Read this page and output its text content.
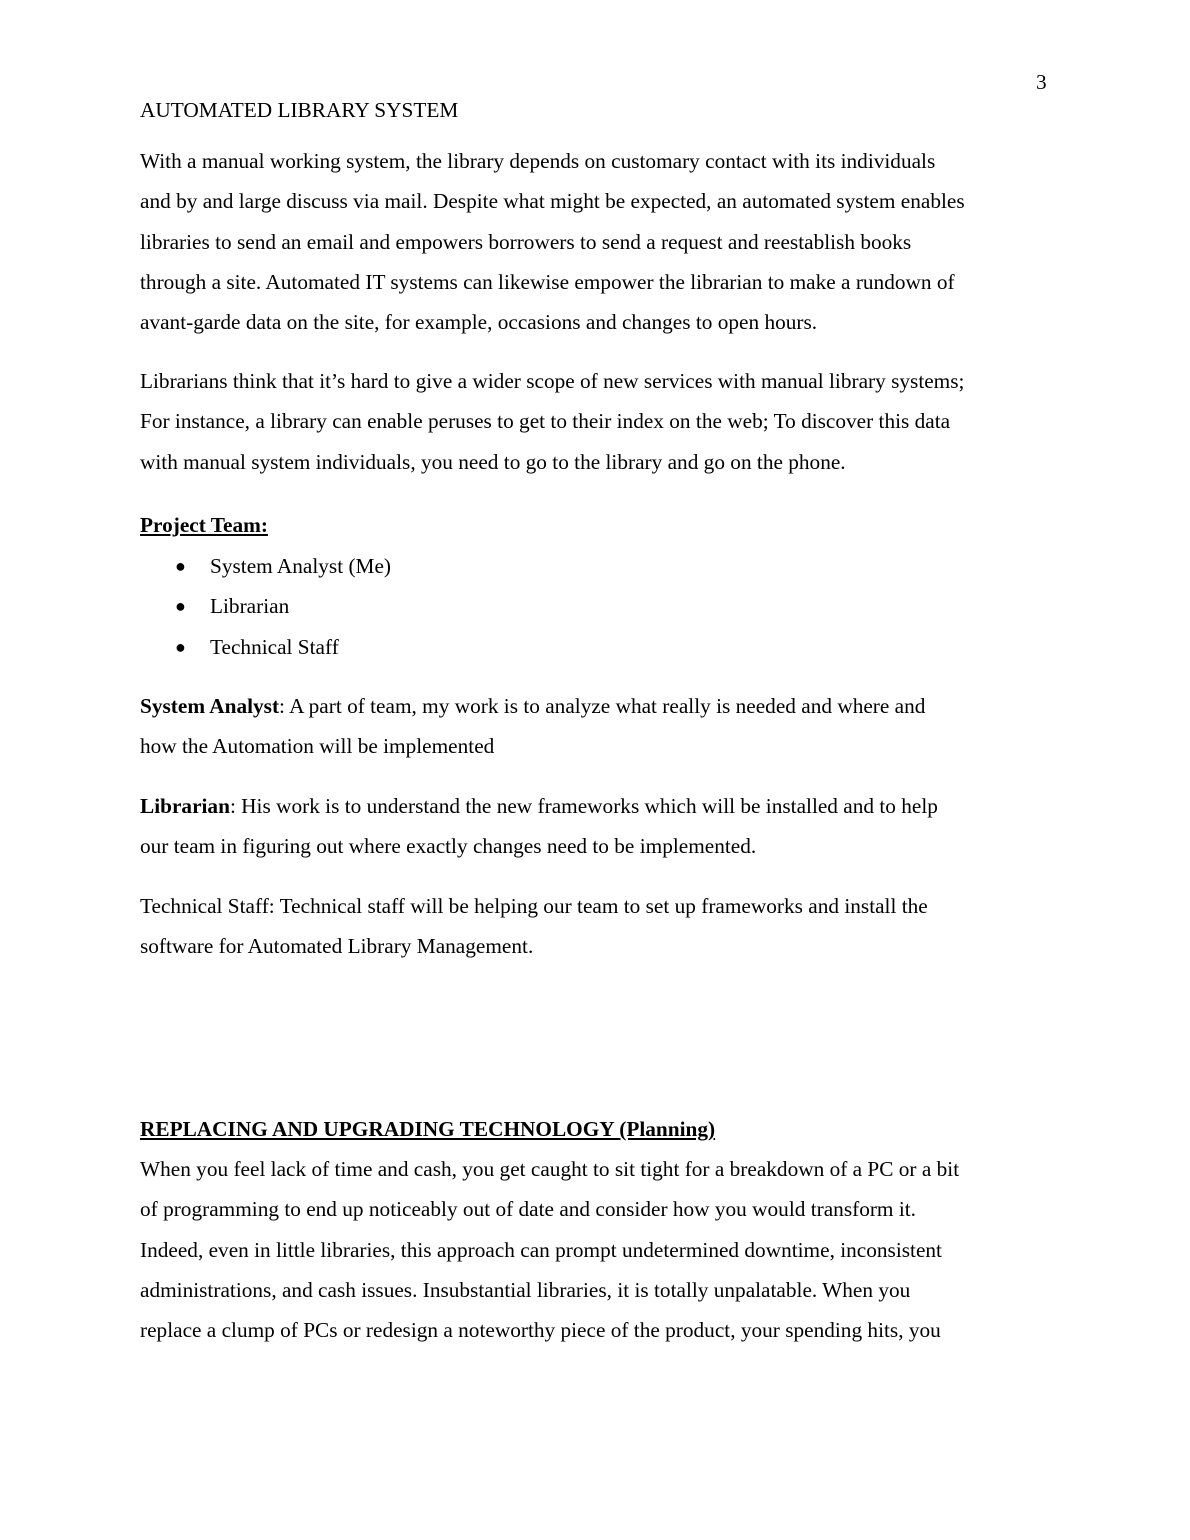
3
AUTOMATED LIBRARY SYSTEM
With a manual working system, the library depends on customary contact with its individuals
and by and large discuss via mail. Despite what might be expected, an automated system enables
libraries to send an email and empowers borrowers to send a request and reestablish books
through a site. Automated IT systems can likewise empower the librarian to make a rundown of
avant-garde data on the site, for example, occasions and changes to open hours.
Librarians think that it’s hard to give a wider scope of new services with manual library systems;
For instance, a library can enable peruses to get to their index on the web; To discover this data
with manual system individuals, you need to go to the library and go on the phone.
Project Team:
● System Analyst (Me)
● Librarian
● Technical Staff
System Analyst: A part of team, my work is to analyze what really is needed and where and
how the Automation will be implemented
Librarian: His work is to understand the new frameworks which will be installed and to help
our team in figuring out where exactly changes need to be implemented.
Technical Staff: Technical staff will be helping our team to set up frameworks and install the
software for Automated Library Management.
REPLACING AND UPGRADING TECHNOLOGY (Planning)
When you feel lack of time and cash, you get caught to sit tight for a breakdown of a PC or a bit
of programming to end up noticeably out of date and consider how you would transform it.
Indeed, even in little libraries, this approach can prompt undetermined downtime, inconsistent
administrations, and cash issues. Insubstantial libraries, it is totally unpalatable. When you
replace a clump of PCs or redesign a noteworthy piece of the product, your spending hits, you
